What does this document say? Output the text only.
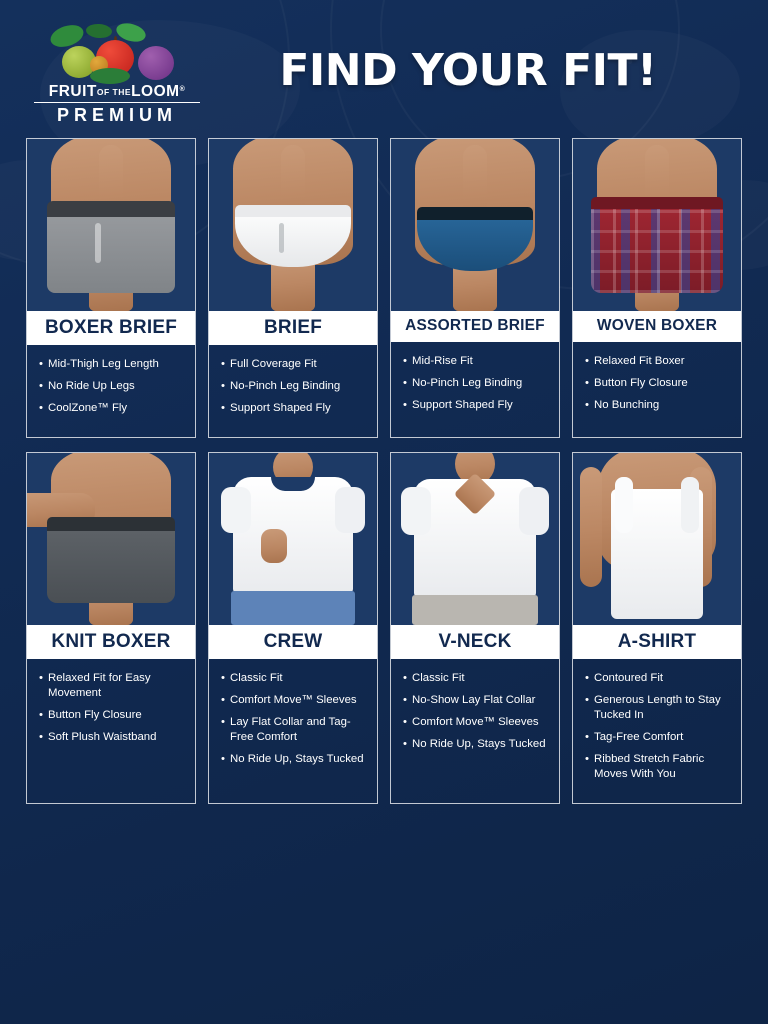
FRUITOF THELOOM®
PREMIUM
FIND YOUR FIT!
BOXER BRIEF
• Mid-Thigh Leg Length
• No Ride Up Legs
• CoolZone™ Fly
BRIEF
• Full Coverage Fit
• No-Pinch Leg Binding
• Support Shaped Fly
ASSORTED BRIEF
• Mid-Rise Fit
• No-Pinch Leg Binding
• Support Shaped Fly
WOVEN BOXER
• Relaxed Fit Boxer
• Button Fly Closure
• No Bunching
KNIT BOXER
• Relaxed Fit for Easy Movement
• Button Fly Closure
• Soft Plush Waistband
CREW
• Classic Fit
• Comfort Move™ Sleeves
• Lay Flat Collar and Tag-Free Comfort
• No Ride Up, Stays Tucked
V-NECK
• Classic Fit
• No-Show Lay Flat Collar
• Comfort Move™ Sleeves
• No Ride Up, Stays Tucked
A-SHIRT
• Contoured Fit
• Generous Length to Stay Tucked In
• Tag-Free Comfort
• Ribbed Stretch Fabric Moves With You
